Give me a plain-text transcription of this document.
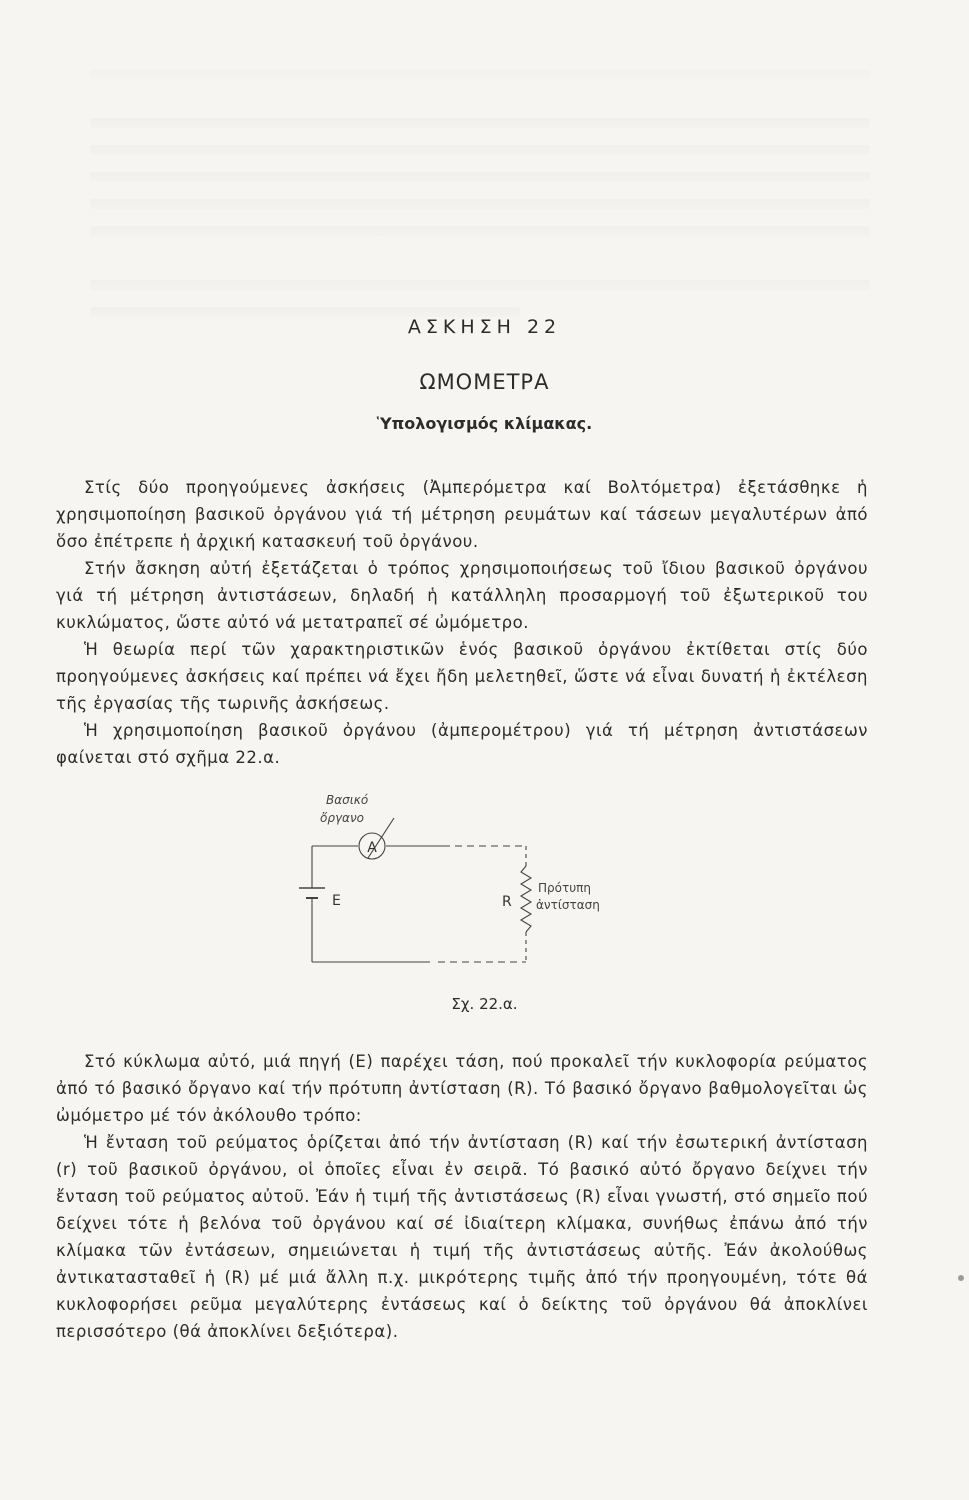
ΑΣΚΗΣΗ 22
ΩΜΟΜΕΤΡΑ
Ὑπολογισμός κλίμακας.
Στίς δύο προηγούμενες ἀσκήσεις (Ἀμπερόμετρα καί Βολτόμετρα) ἐξετάσθηκε ἡ χρησιμοποίηση βασικοῦ ὀργάνου γιά τή μέτρηση ρευμάτων καί τάσεων μεγαλυτέρων ἀπό ὅσο ἐπέτρεπε ἡ ἀρχική κατασκευή τοῦ ὀργάνου.
Στήν ἄσκηση αὐτή ἐξετάζεται ὁ τρόπος χρησιμοποιήσεως τοῦ ἴδιου βασικοῦ ὀργάνου γιά τή μέτρηση ἀντιστάσεων, δηλαδή ἡ κατάλληλη προσαρμογή τοῦ ἐξωτερικοῦ του κυκλώματος, ὥστε αὐτό νά μετατραπεῖ σέ ὠμόμετρο.
Ἡ θεωρία περί τῶν χαρακτηριστικῶν ἑνός βασικοῦ ὀργάνου ἐκτίθεται στίς δύο προηγούμενες ἀσκήσεις καί πρέπει νά ἔχει ἤδη μελετηθεῖ, ὥστε νά εἶναι δυνατή ἡ ἐκτέλεση τῆς ἐργασίας τῆς τωρινῆς ἀσκήσεως.
Ἡ χρησιμοποίηση βασικοῦ ὀργάνου (ἀμπερομέτρου) γιά τή μέτρηση ἀντιστάσεων φαίνεται στό σχῆμα 22.α.
A
Βασικό
ὄργανο
E	R
Πρότυπη
ἀντίσταση
Σχ. 22.α.
Στό κύκλωμα αὐτό, μιά πηγή (Ε) παρέχει τάση, πού προκαλεῖ τήν κυκλοφορία ρεύματος ἀπό τό βασικό ὄργανο καί τήν πρότυπη ἀντίσταση (R). Τό βασικό ὄργανο βαθμολογεῖται ὡς ὠμόμετρο μέ τόν ἀκόλουθο τρόπο:
Ἡ ἔνταση τοῦ ρεύματος ὁρίζεται ἀπό τήν ἀντίσταση (R) καί τήν ἐσωτερική ἀντίσταση (r) τοῦ βασικοῦ ὀργάνου, οἱ ὁποῖες εἶναι ἐν σειρᾶ. Τό βασικό αὐτό ὄργανο δείχνει τήν ἔνταση τοῦ ρεύματος αὐτοῦ. Ἐάν ἡ τιμή τῆς ἀντιστάσεως (R) εἶναι γνωστή, στό σημεῖο πού δείχνει τότε ἡ βελόνα τοῦ ὀργάνου καί σέ ἰδιαίτερη κλίμακα, συνήθως ἐπάνω ἀπό τήν κλίμακα τῶν ἐντάσεων, σημειώνεται ἡ τιμή τῆς ἀντιστάσεως αὐτῆς. Ἐάν ἀκολούθως ἀντικατασταθεῖ ἡ (R) μέ μιά ἄλλη π.χ. μικρότερης τιμῆς ἀπό τήν προηγουμένη, τότε θά κυκλοφορήσει ρεῦμα μεγαλύτερης ἐντάσεως καί ὁ δείκτης τοῦ ὀργάνου θά ἀποκλίνει περισσότερο (θά ἀποκλίνει δεξιότερα).
